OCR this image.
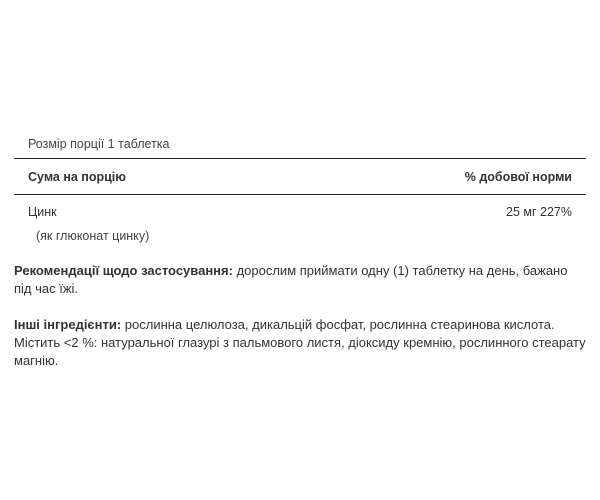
Розмір порції 1 таблетка
Сума на порцію	% добової норми
Цинк	25 мг 227%
(як глюконат цинку)
Рекомендації щодо застосування: дорослим приймати одну (1) таблетку на день, бажано під час їжі.
Інші інгредієнти: рослинна целюлоза, дикальцій фосфат, рослинна стеаринова кислота. Містить <2 %: натуральної глазурі з пальмового листя, діоксиду кремнію, рослинного стеарату магнію.
